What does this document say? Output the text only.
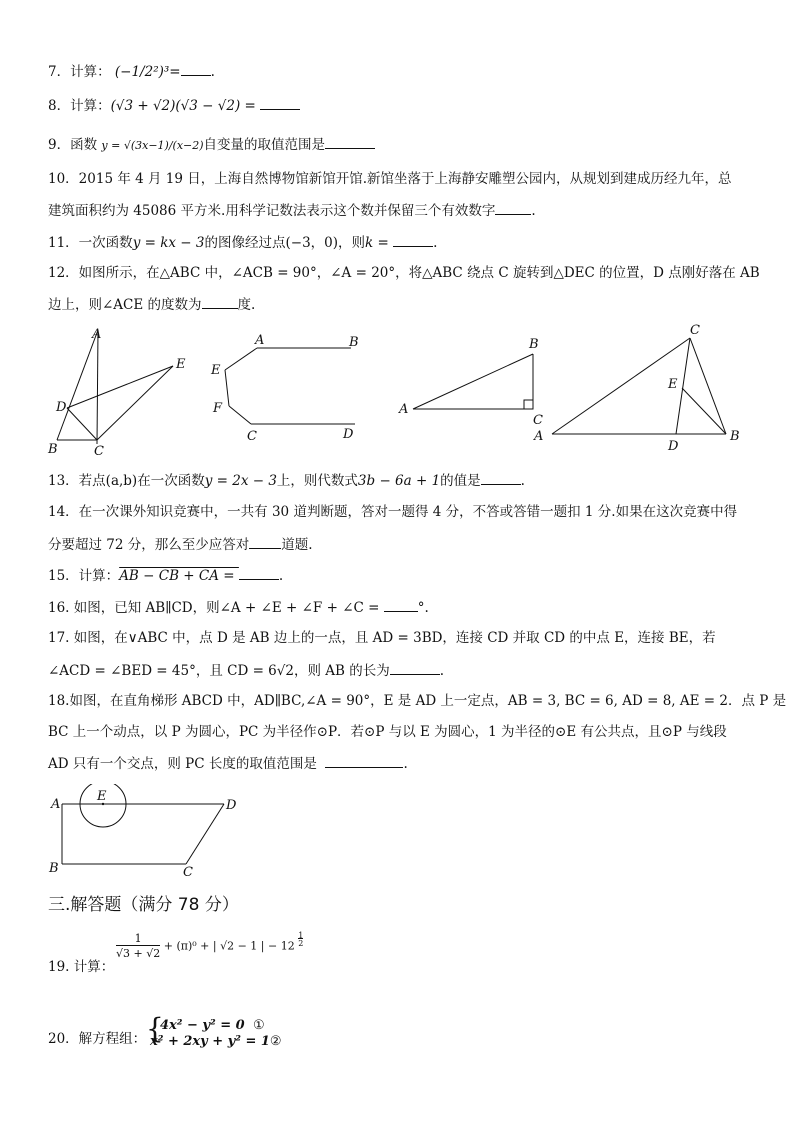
7．计算： (−1/2²)³= .
8．计算：(√3 + √2)(√3 − √2) =
9．函数 y = √(3x−1)/(x−2)自变量的取值范围是
10．2015 年 4 月 19 日，上海自然博物馆新馆开馆.新馆坐落于上海静安雕塑公园内，从规划到建成历经九年，总
建筑面积约为 45086 平方米.用科学记数法表示这个数并保留三个有效数字	.
11．一次函数y = kx − 3的图像经过点(−3，0)，则k =	.
12．如图所示，在△ABC 中，∠ACB = 90°，∠A = 20°，将△ABC 绕点 C 旋转到△DEC 的位置，D 点刚好落在 AB
边上，则∠ACE 的度数为	度.
A
D
E
B	C
A	B
E
F
C	D
B
A
C
C
E
A
D
B
13．若点(a,b)在一次函数y = 2x − 3上，则代数式3b − 6a + 1的值是	.
14．在一次课外知识竞赛中，一共有 30 道判断题，答对一题得 4 分，不答或答错一题扣 1 分.如果在这次竞赛中得
分要超过 72 分，那么至少应答对 道题.
15．计算：AB − CB + CA =	.
16. 如图，已知 AB∥CD，则∠A + ∠E + ∠F + ∠C =	°.
17. 如图，在∨ABC 中，点 D 是 AB 边上的一点，且 AD = 3BD，连接 CD 并取 CD 的中点 E，连接 BE，若
∠ACD = ∠BED = 45°，且 CD = 6√2，则 AB 的长为	.
18.如图，在直角梯形 ABCD 中，AD∥BC,∠A = 90°，E 是 AD 上一定点，AB = 3, BC = 6, AD = 8, AE = 2．点 P 是
BC 上一个动点，以 P 为圆心，PC 为半径作⊙P．若⊙P 与以 E 为圆心，1 为半径的⊙E 有公共点，且⊙P 与线段
AD 只有一个交点，则 PC 长度的取值范围是	.
A
E
D
B	C
三.解答题（满分 78 分）
19. 计算：
$\frac{1}{√3 + √2} + (\pi)^0$ + | √2 − 1 | − $12 \frac{1}{2}$
20．解方程组： {
4x² − y² = 0 ①
x² + 2xy + y² = 1②
